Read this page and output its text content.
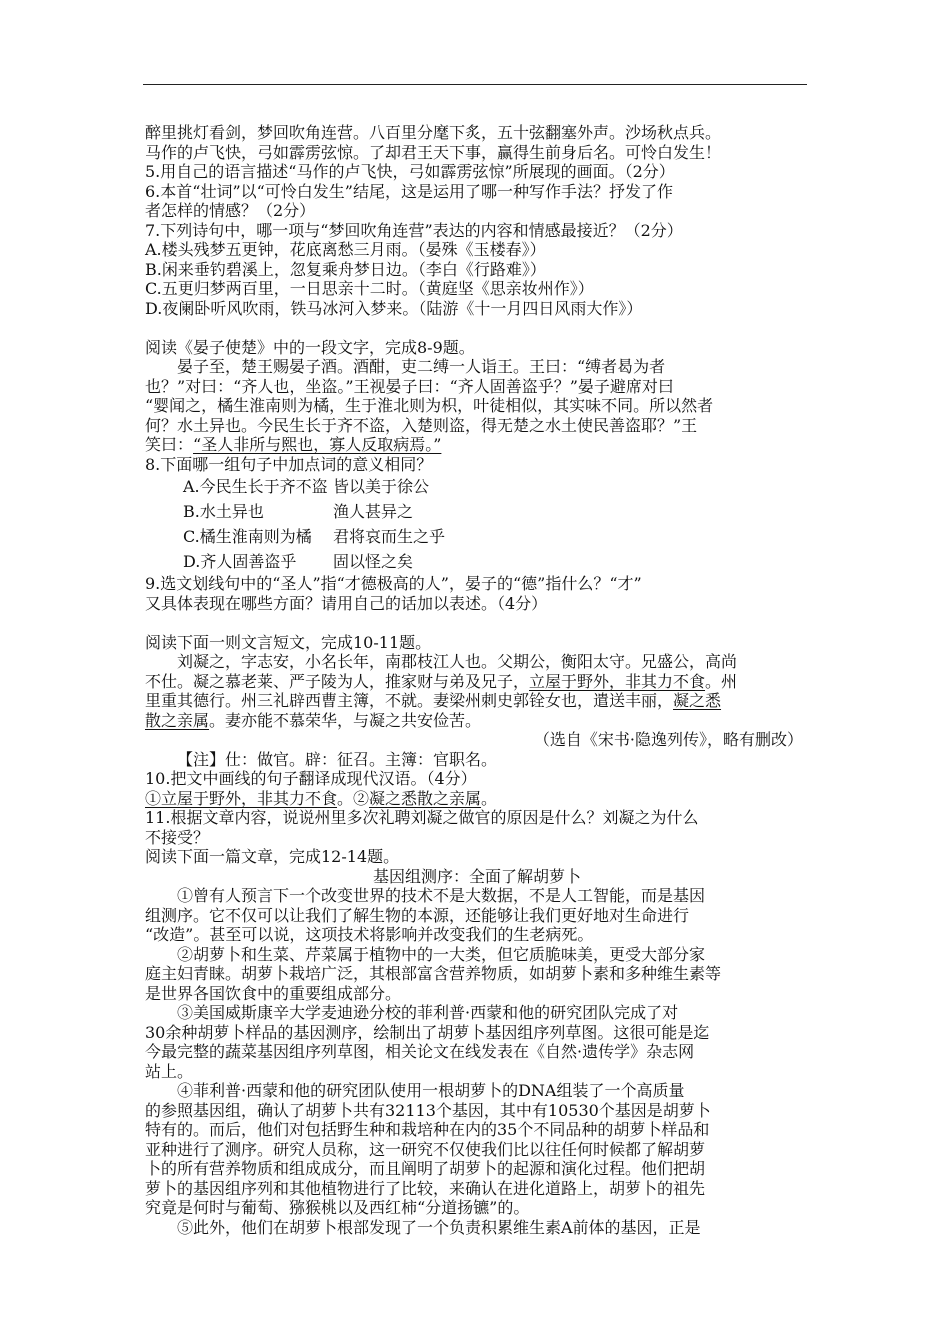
醉里挑灯看剑，梦回吹角连营。八百里分麾下炙，五十弦翻塞外声。沙场秋点兵。
马作的卢飞快，弓如霹雳弦惊。了却君王天下事，赢得生前身后名。可怜白发生！
5.用自己的语言描述“马作的卢飞快，弓如霹雳弦惊”所展现的画面。（2分）
6.本首“壮词”以“可怜白发生”结尾，这是运用了哪一种写作手法？抒发了作
者怎样的情感？（2分）
7.下列诗句中，哪一项与“梦回吹角连营”表达的内容和情感最接近？（2分）
A.楼头残梦五更钟，花底离愁三月雨。（晏殊《玉楼春》）
B.闲来垂钓碧溪上，忽复乘舟梦日边。（李白《行路难》）
C.五更归梦两百里，一日思亲十二时。（黄庭坚《思亲妆州作》）
D.夜阑卧听风吹雨，铁马冰河入梦来。（陆游《十一月四日风雨大作》）
阅读《晏子使楚》中的一段文字，完成8-9题。
晏子至，楚王赐晏子酒。酒酣，吏二缚一人诣王。王曰：“缚者曷为者
也？”对曰：“齐人也，坐盗。”王视晏子曰：“齐人固善盗乎？”晏子避席对曰
“婴闻之，橘生淮南则为橘，生于淮北则为枳，叶徒相似，其实味不同。所以然者
何？水土异也。今民生长于齐不盗，入楚则盗，得无楚之水土使民善盗耶？”王
笑曰：“圣人非所与熙也，寡人反取病焉。”
8.下面哪一组句子中加点词的意义相同？
A.今民生长于齐不盗 皆以美于徐公
B.水土异也	渔人甚异之
C.橘生淮南则为橘 君将哀而生之乎
D.齐人固善盗乎 固以怪之矣
9.选文划线句中的“圣人”指“才德极高的人”，晏子的“德”指什么？“才”
又具体表现在哪些方面？请用自己的话加以表述。（4分）
阅读下面一则文言短文，完成10-11题。
刘凝之，字志安，小名长年，南郡枝江人也。父期公，衡阳太守。兄盛公，高尚
不仕。凝之慕老莱、严子陵为人，推家财与弟及兄子，立屋于野外，非其力不食。州
里重其德行。州三礼辟西曹主簿，不就。妻梁州刺史郭铨女也，遣送丰丽，凝之悉
散之亲属。妻亦能不慕荣华，与凝之共安俭苦。
（选自《宋书·隐逸列传》，略有删改）
【注】仕：做官。辟：征召。主簿：官职名。
10.把文中画线的句子翻译成现代汉语。（4分）
①立屋于野外，非其力不食。②凝之悉散之亲属。
11.根据文章内容，说说州里多次礼聘刘凝之做官的原因是什么？刘凝之为什么
不接受？
阅读下面一篇文章，完成12-14题。
基因组测序：全面了解胡萝卜
①曾有人预言下一个改变世界的技术不是大数据，不是人工智能，而是基因
组测序。它不仅可以让我们了解生物的本源，还能够让我们更好地对生命进行
“改造”。甚至可以说，这项技术将影响并改变我们的生老病死。
②胡萝卜和生菜、芹菜属于植物中的一大类，但它质脆味美，更受大部分家
庭主妇青睐。胡萝卜栽培广泛，其根部富含营养物质，如胡萝卜素和多种维生素等
是世界各国饮食中的重要组成部分。
③美国威斯康辛大学麦迪逊分校的菲利普·西蒙和他的研究团队完成了对
30余种胡萝卜样品的基因测序，绘制出了胡萝卜基因组序列草图。这很可能是迄
今最完整的蔬菜基因组序列草图，相关论文在线发表在《自然·遗传学》杂志网
站上。
④菲利普·西蒙和他的研究团队使用一根胡萝卜的DNA组装了一个高质量
的参照基因组，确认了胡萝卜共有32113个基因，其中有10530个基因是胡萝卜
特有的。而后，他们对包括野生种和栽培种在内的35个不同品种的胡萝卜样品和
亚种进行了测序。研究人员称，这一研究不仅使我们比以往任何时候都了解胡萝
卜的所有营养物质和组成成分，而且阐明了胡萝卜的起源和演化过程。他们把胡
萝卜的基因组序列和其他植物进行了比较，来确认在进化道路上，胡萝卜的祖先
究竟是何时与葡萄、猕猴桃以及西红柿“分道扬镳”的。
⑤此外，他们在胡萝卜根部发现了一个负责积累维生素A前体的基因，正是
